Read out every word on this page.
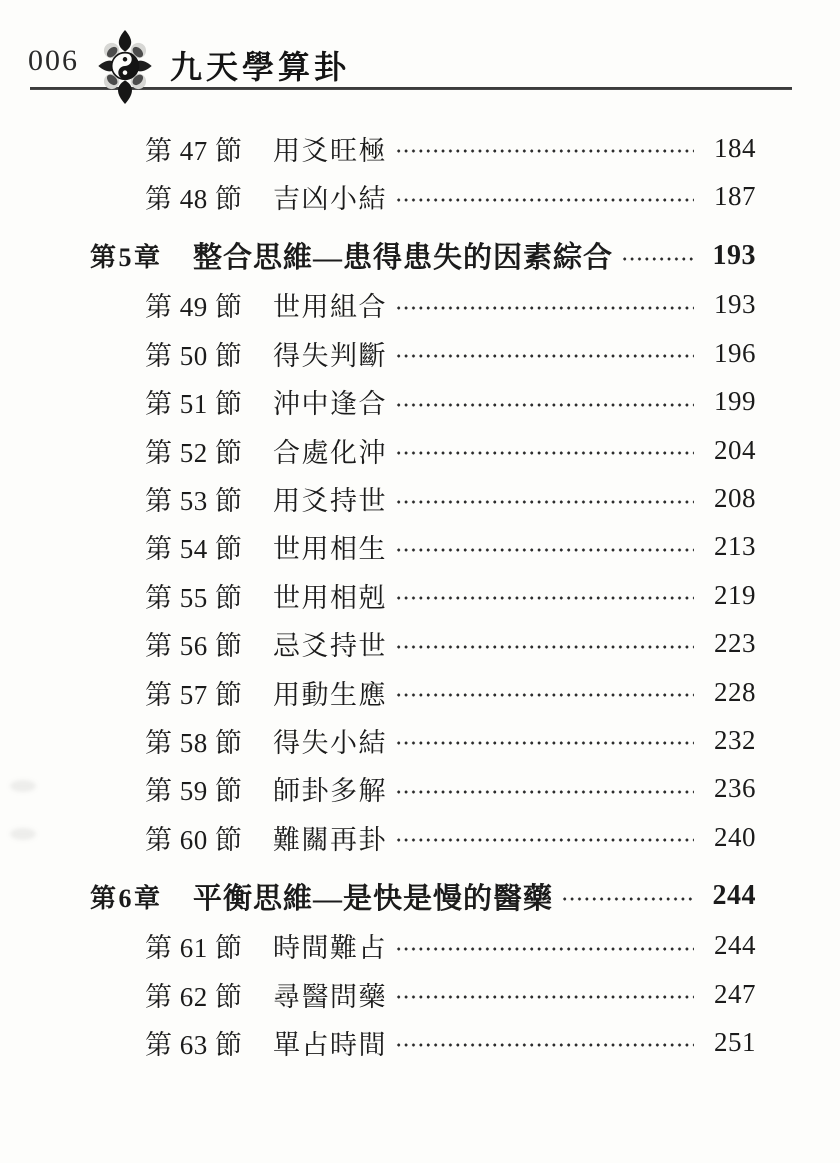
006	九天學算卦
第 47 節	用爻旺極	184
第 48 節	吉凶小結	187
第 5 章	整合思維—患得患失的因素綜合	193
第 49 節	世用組合	193
第 50 節	得失判斷	196
第 51 節	沖中逢合	199
第 52 節	合處化沖	204
第 53 節	用爻持世	208
第 54 節	世用相生	213
第 55 節	世用相剋	219
第 56 節	忌爻持世	223
第 57 節	用動生應	228
第 58 節	得失小結	232
第 59 節	師卦多解	236
第 60 節	難關再卦	240
第 6 章	平衡思維—是快是慢的醫藥	244
第 61 節	時間難占	244
第 62 節	尋醫問藥	247
第 63 節	單占時間	251
